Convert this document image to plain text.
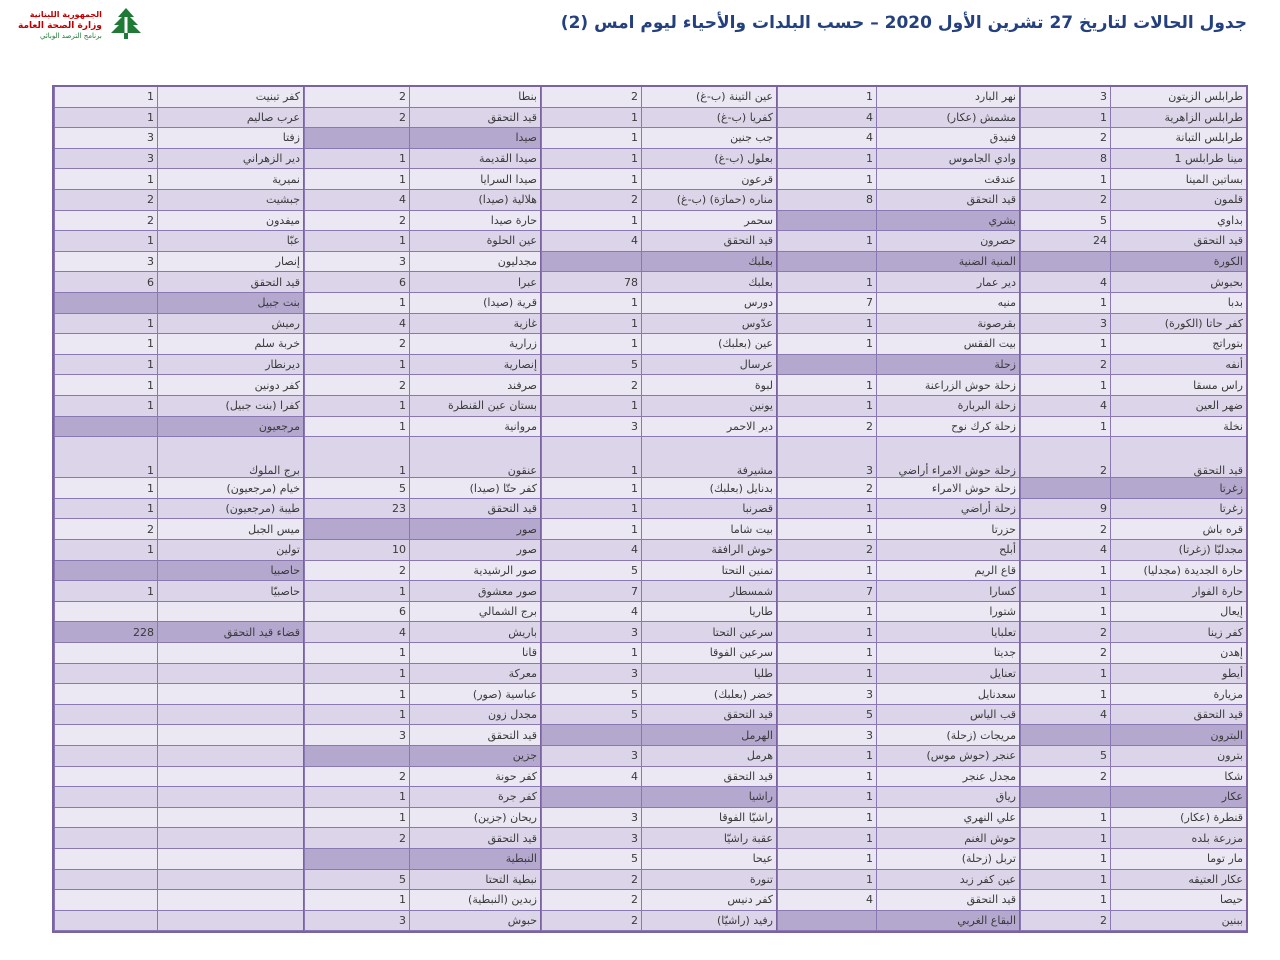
الجمهورية اللبنانية
وزارة الصحة العامة
برنامج الترصد الوبائي
جدول الحالات لتاريخ 27 تشرين الأول 2020 – حسب البلدات والأحياء ليوم امس (2)
طرابلس الزيتون
3
طرابلس الزاهرية
1
طرابلس التبانة
2
مينا طرابلس 1
8
بساتين المينا
1
قلمون
2
بداوي
5
قيد التحقق
24
الكورة
بحبوش
4
بدبا
1
كفر حاتا (الكورة)
3
بتوراتج
1
أنفه
2
راس مسقا
1
ضهر العين
4
نخلة
1
قيد التحقق
2
زغرتا
زغرتا
9
قره باش
2
مجدليّا (زغرتا)
4
حارة الجديدة (مجدليا)
1
حارة الفوار
1
إيعال
1
كفر زينا
2
إهدن
2
أيطو
1
مزيارة
1
قيد التحقق
4
البترون
بترون
5
شكا
2
عكار
قنطرة (عكار)
1
مزرعة بلده
1
مار توما
1
عكار العتيقه
1
حيصا
1
ببنين
2
نهر البارد
1
مشمش (عكار)
4
فنيدق
4
وادي الجاموس
1
عندقت
1
قيد التحقق
8
بشري
حصرون
1
المنية الضنية
دير عمار
1
منيه
7
بقرصونة
1
بيت الفقس
1
زحلة
زحلة حوش الزراعنة
1
زحلة البربارة
1
زحلة كرك نوح
2
زحلة حوش الامراء أراضي
3
زحلة حوش الامراء
2
زحلة أراضي
1
حزرتا
1
أبلح
2
قاع الريم
1
كسارا
7
شتورا
1
تعلبايا
1
جديتا
1
تعنايل
1
سعدنايل
3
قب الياس
5
مريجات (زحلة)
3
عنجر (حوش موس)
1
مجدل عنجر
1
رياق
1
علي النهري
1
حوش الغنم
1
تربل (زحلة)
1
عين كفر زبد
1
قيد التحقق
4
البقاع الغربي
عين التينة (ب-غ)
2
كفريا (ب-غ)
1
جب جنين
1
بعلول (ب-غ)
1
قرعون
1
مناره (حمارَة) (ب-غ)
2
سحمر
1
قيد التحقق
4
بعلبك
بعلبك
78
دورس
1
عدّوس
1
عين (بعلبك)
1
عرسال
5
لبوة
2
يونين
1
دير الاحمر
3
مشيرفة
1
بدنايل (بعلبك)
1
قصرنبا
1
بيت شاما
1
حوش الرافقة
4
تمنين التحتا
5
شمسطار
7
طاريا
4
سرعين التحتا
3
سرعين الفوقا
1
طليا
3
خضر (بعلبك)
5
قيد التحقق
5
الهرمل
هرمل
3
قيد التحقق
4
راشيا
راشيّا الفوقا
3
عقبة راشيّا
3
عيحا
5
تنورة
2
كفر دنيس
2
رفيد (راشيّا)
2
بنطا
2
قيد التحقق
2
صيدا
صيدا القديمة
1
صيدا السرايا
1
هلالية (صيدا)
4
حارة صيدا
2
عين الحلوة
1
مجدليون
3
عبرا
6
قرية (صيدا)
1
غازية
4
زرارية
2
إنصارية
1
صرفند
2
بستان عين القنطرة
1
مروانية
1
عنقون
1
كفر حتّا (صيدا)
5
قيد التحقق
23
صور
صور
10
صور الرشيدية
2
صور معشوق
1
برج الشمالي
6
باريش
4
قانا
1
معركة
1
عباسية (صور)
1
مجدل زون
1
قيد التحقق
3
جزين
كفر حونة
2
كفر جرة
1
ريحان (جزين)
1
قيد التحقق
2
النبطية
نبطية التحتا
5
زبدين (النبطية)
1
حبوش
3
كفر تبنيت
1
عرب صاليم
1
زفتا
3
دير الزهراني
3
نميرية
1
جبشيت
2
ميفدون
2
عبّا
1
إنصار
3
قيد التحقق
6
بنت جبيل
رميش
1
خربة سلم
1
ديرنطار
1
كفر دونين
1
كفرا (بنت جبيل)
1
مرجعيون
برج الملوك
1
خيام (مرجعيون)
1
طيبة (مرجعيون)
1
ميس الجبل
2
تولين
1
حاصبيا
حاصبيّا
1
قضاء قيد التحقق
228
